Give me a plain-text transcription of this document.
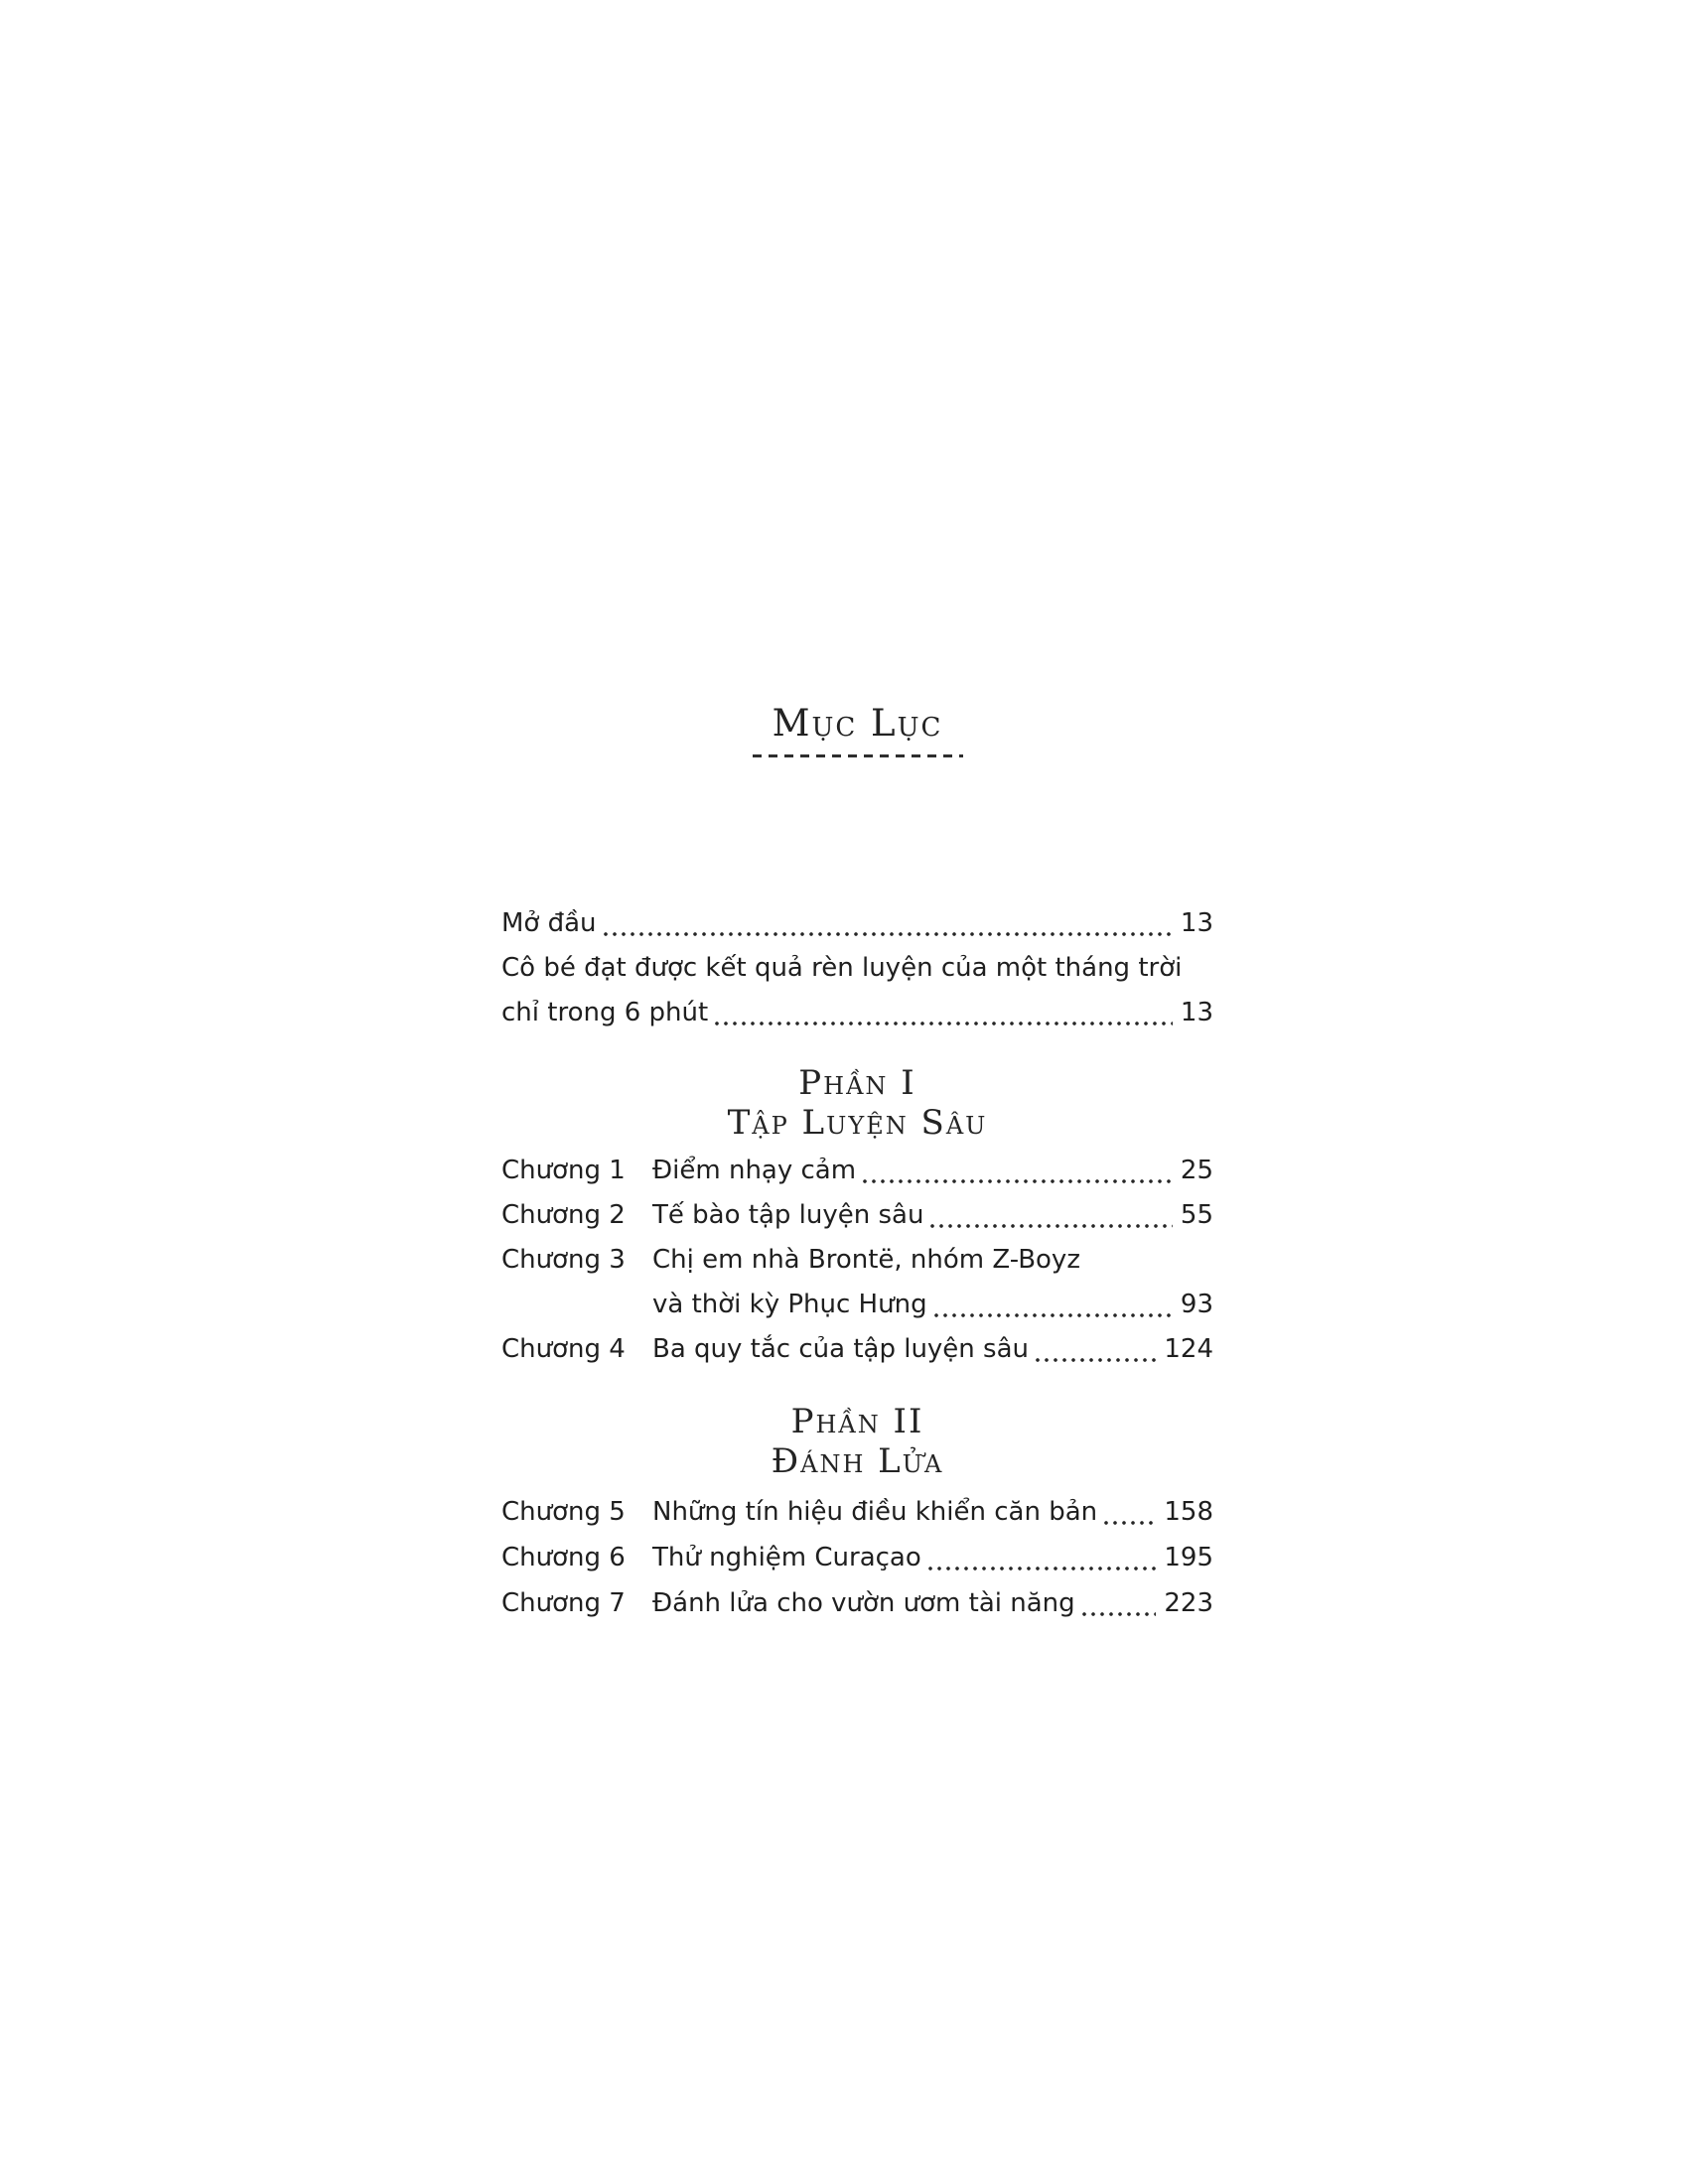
Mục Lục
Mở đầu	13
Cô bé đạt được kết quả rèn luyện của một tháng trời
chỉ trong 6 phút	13
Phần I
Tập Luyện Sâu
Chương 1	Điểm nhạy cảm	25
Chương 2	Tế bào tập luyện sâu	55
Chương 3	Chị em nhà Brontë, nhóm Z-Boyz
và thời kỳ Phục Hưng	93
Chương 4	Ba quy tắc của tập luyện sâu	124
Phần II
Đánh Lửa
Chương 5	Những tín hiệu điều khiển căn bản	158
Chương 6	Thử nghiệm Curaçao	195
Chương 7	Đánh lửa cho vườn ươm tài năng	223
